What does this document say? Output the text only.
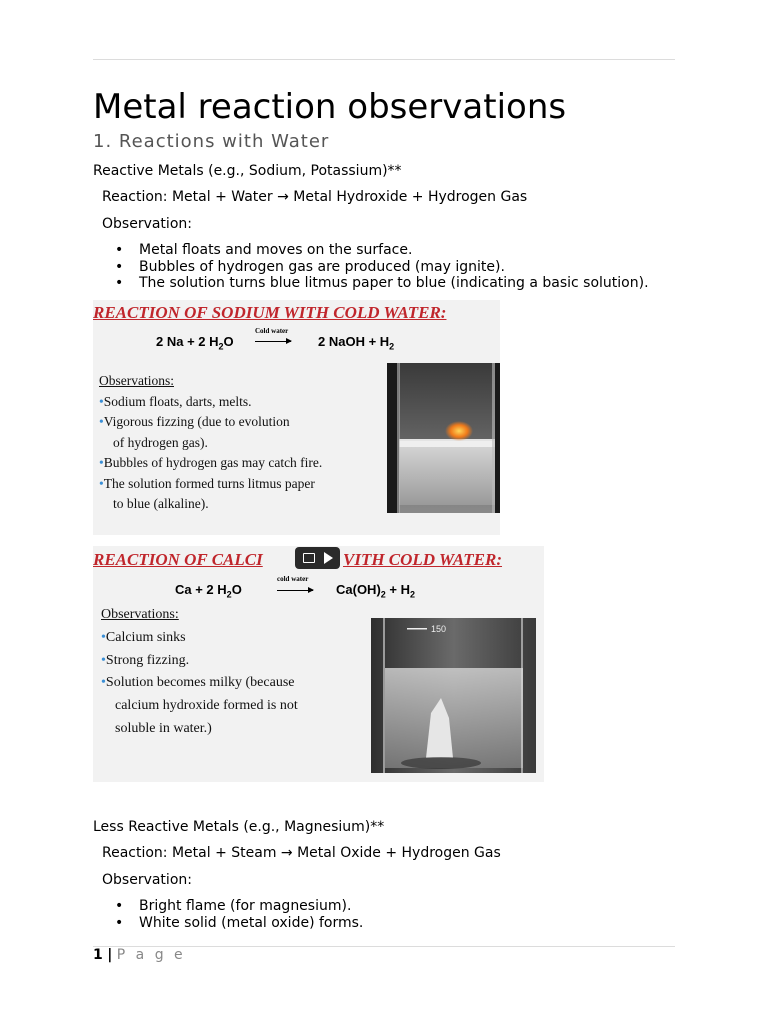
Metal reaction observations
1. Reactions with Water
Reactive Metals (e.g., Sodium, Potassium)**
Reaction: Metal + Water → Metal Hydroxide + Hydrogen Gas
Observation:
• Metal floats and moves on the surface.
• Bubbles of hydrogen gas are produced (may ignite).
• The solution turns blue litmus paper to blue (indicating a basic solution).
REACTION OF SODIUM WITH COLD WATER:
2 Na + 2 $H_2O$
Cold water
2 NaOH + $H_2$
Observations:
•Sodium floats, darts, melts.
•Vigorous fizzing (due to evolution
of hydrogen gas).
•Bubbles of hydrogen gas may catch fire.
•The solution formed turns litmus paper
to blue (alkaline).
REACTION OF CALCI	VITH COLD WATER:
Ca + 2 $H_2O$
cold water
→ $Ca(OH)_2 + H_2$
Observations:
•Calcium sinks
•Strong fizzing.
•Solution becomes milky (because
calcium hydroxide formed is not
soluble in water.)
150
Less Reactive Metals (e.g., Magnesium)**
Reaction: Metal + Steam → Metal Oxide + Hydrogen Gas
Observation:
• Bright flame (for magnesium).
• White solid (metal oxide) forms.
1 | P a g e
